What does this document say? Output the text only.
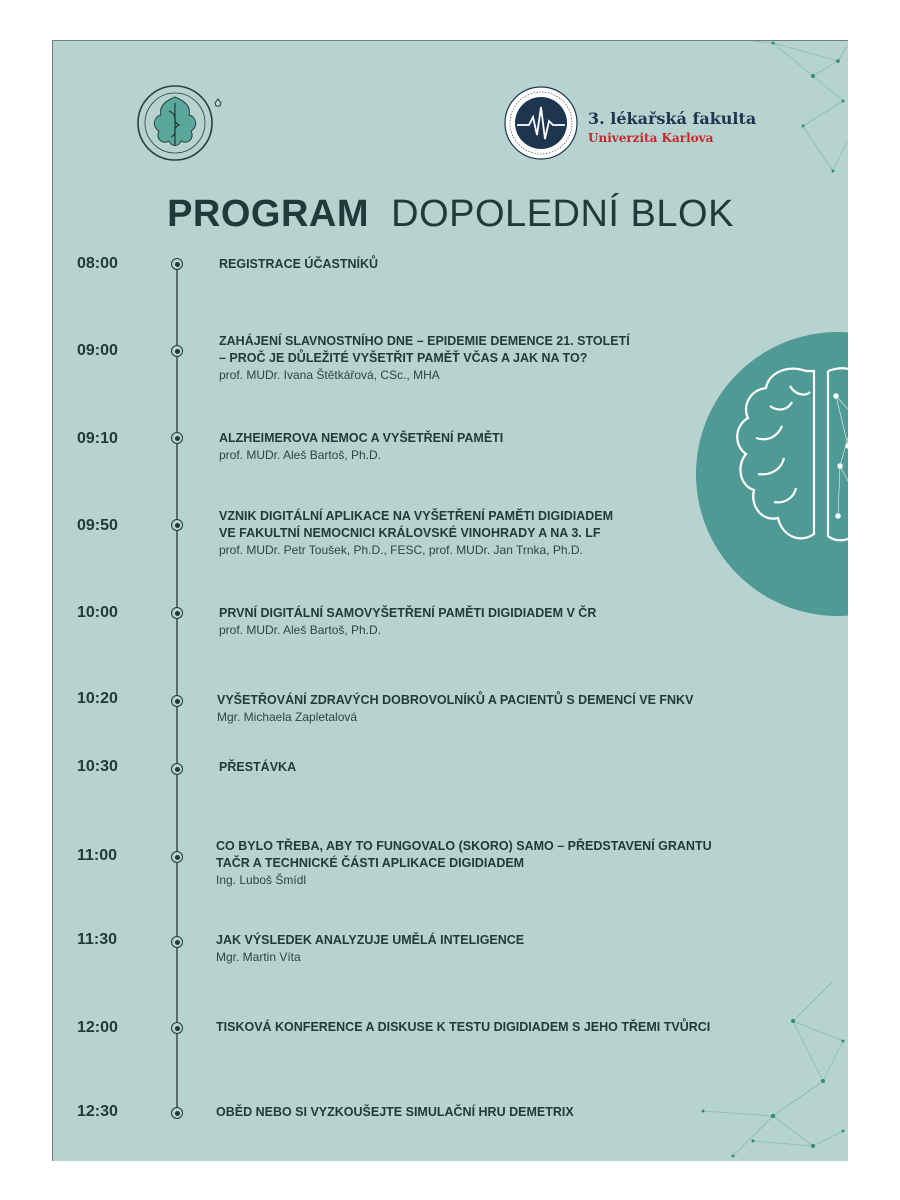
3. lékařská fakulta
Univerzita Karlova
PROGRAM DOPOLEDNÍ BLOK
08:00	REGISTRACE ÚČASTNÍKŮ
09:00
ZAHÁJENÍ SLAVNOSTNÍHO DNE – EPIDEMIE DEMENCE 21. STOLETÍ
– PROČ JE DŮLEŽITÉ VYŠETŘIT PAMĚŤ VČAS A JAK NA TO?
prof. MUDr. Ivana Štětkářová, CSc., MHA
09:10	ALZHEIMEROVA NEMOC A VYŠETŘENÍ PAMĚTI
prof. MUDr. Aleš Bartoš, Ph.D.
09:50
VZNIK DIGITÁLNÍ APLIKACE NA VYŠETŘENÍ PAMĚTI DIGIDIADEM
VE FAKULTNÍ NEMOCNICI KRÁLOVSKÉ VINOHRADY A NA 3. LF
prof. MUDr. Petr Toušek, Ph.D., FESC, prof. MUDr. Jan Trnka, Ph.D.
10:00	PRVNÍ DIGITÁLNÍ SAMOVYŠETŘENÍ PAMĚTI DIGIDIADEM V ČR
prof. MUDr. Aleš Bartoš, Ph.D.
10:20	VYŠETŘOVÁNÍ ZDRAVÝCH DOBROVOLNÍKŮ A PACIENTŮ S DEMENCÍ VE FNKV
Mgr. Michaela Zapletalová
10:30	PŘESTÁVKA
11:00
CO BYLO TŘEBA, ABY TO FUNGOVALO (SKORO) SAMO – PŘEDSTAVENÍ GRANTU
TAČR A TECHNICKÉ ČÁSTI APLIKACE DIGIDIADEM
Ing. Luboš Šmídl
11:30	JAK VÝSLEDEK ANALYZUJE UMĚLÁ INTELIGENCE
Mgr. Martin Víta
12:00	TISKOVÁ KONFERENCE A DISKUSE K TESTU DIGIDIADEM S JEHO TŘEMI TVŮRCI
12:30	OBĚD NEBO SI VYZKOUŠEJTE SIMULAČNÍ HRU DEMETRIX
